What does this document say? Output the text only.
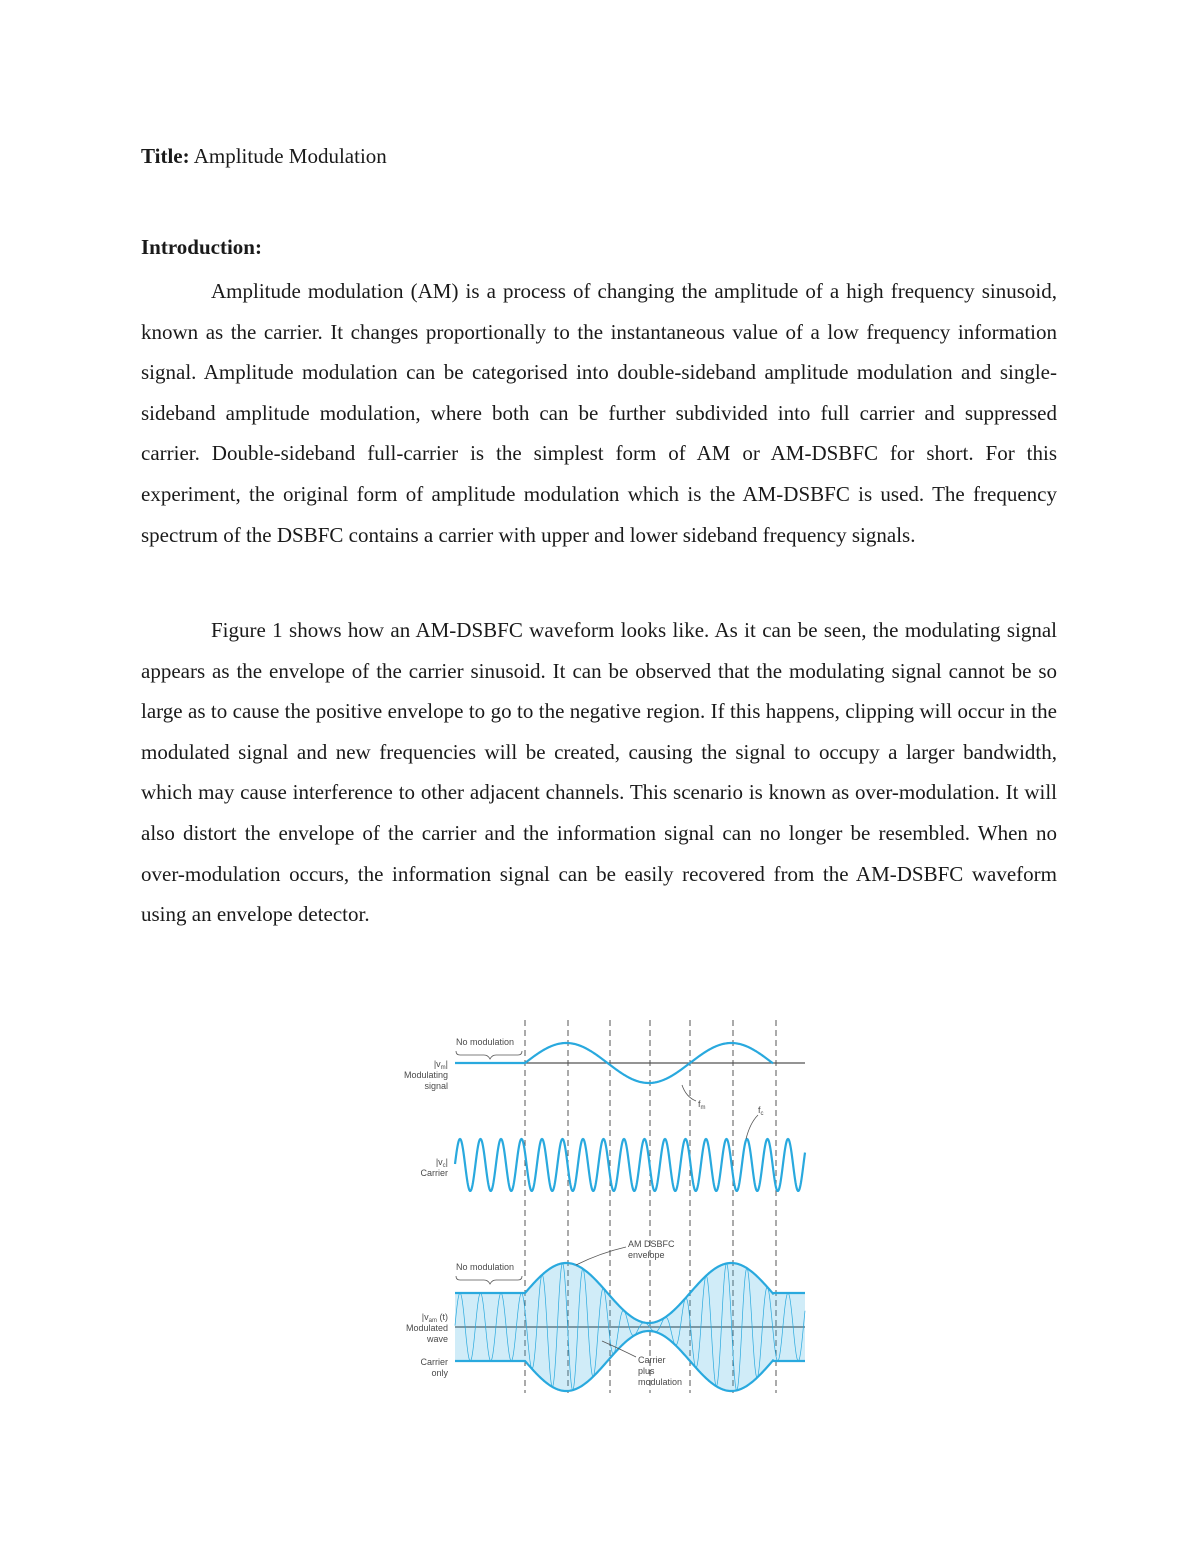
Title: Amplitude Modulation
Introduction:

Amplitude modulation (AM) is a process of changing the amplitude of a high frequency sinusoid, known as the carrier. It changes proportionally to the instantaneous value of a low frequency information signal. Amplitude modulation can be categorised into double-sideband amplitude modulation and single-sideband amplitude modulation, where both can be further subdivided into full carrier and suppressed carrier. Double-sideband full-carrier is the simplest form of AM or AM-DSBFC for short. For this experiment, the original form of amplitude modulation which is the AM-DSBFC is used. The frequency spectrum of the DSBFC contains a carrier with upper and lower sideband frequency signals.

Figure 1 shows how an AM-DSBFC waveform looks like. As it can be seen, the modulating signal appears as the envelope of the carrier sinusoid. It can be observed that the modulating signal cannot be so large as to cause the positive envelope to go to the negative region. If this happens, clipping will occur in the modulated signal and new frequencies will be created, causing the signal to occupy a larger bandwidth, which may cause interference to other adjacent channels. This scenario is known as over-modulation. It will also distort the envelope of the carrier and the information signal can no longer be resembled. When no over-modulation occurs, the information signal can be easily recovered from the AM-DSBFC waveform using an envelope detector.

No modulation
$|v_m|$
Modulating
signal
$f_m$	$f_c$
$|v_c|$
Carrier
AM DSBFC
envelope
No modulation
$|v_{am}$ (t)
Modulated
wave
Carrier
only
Carrier
plus
modulation
